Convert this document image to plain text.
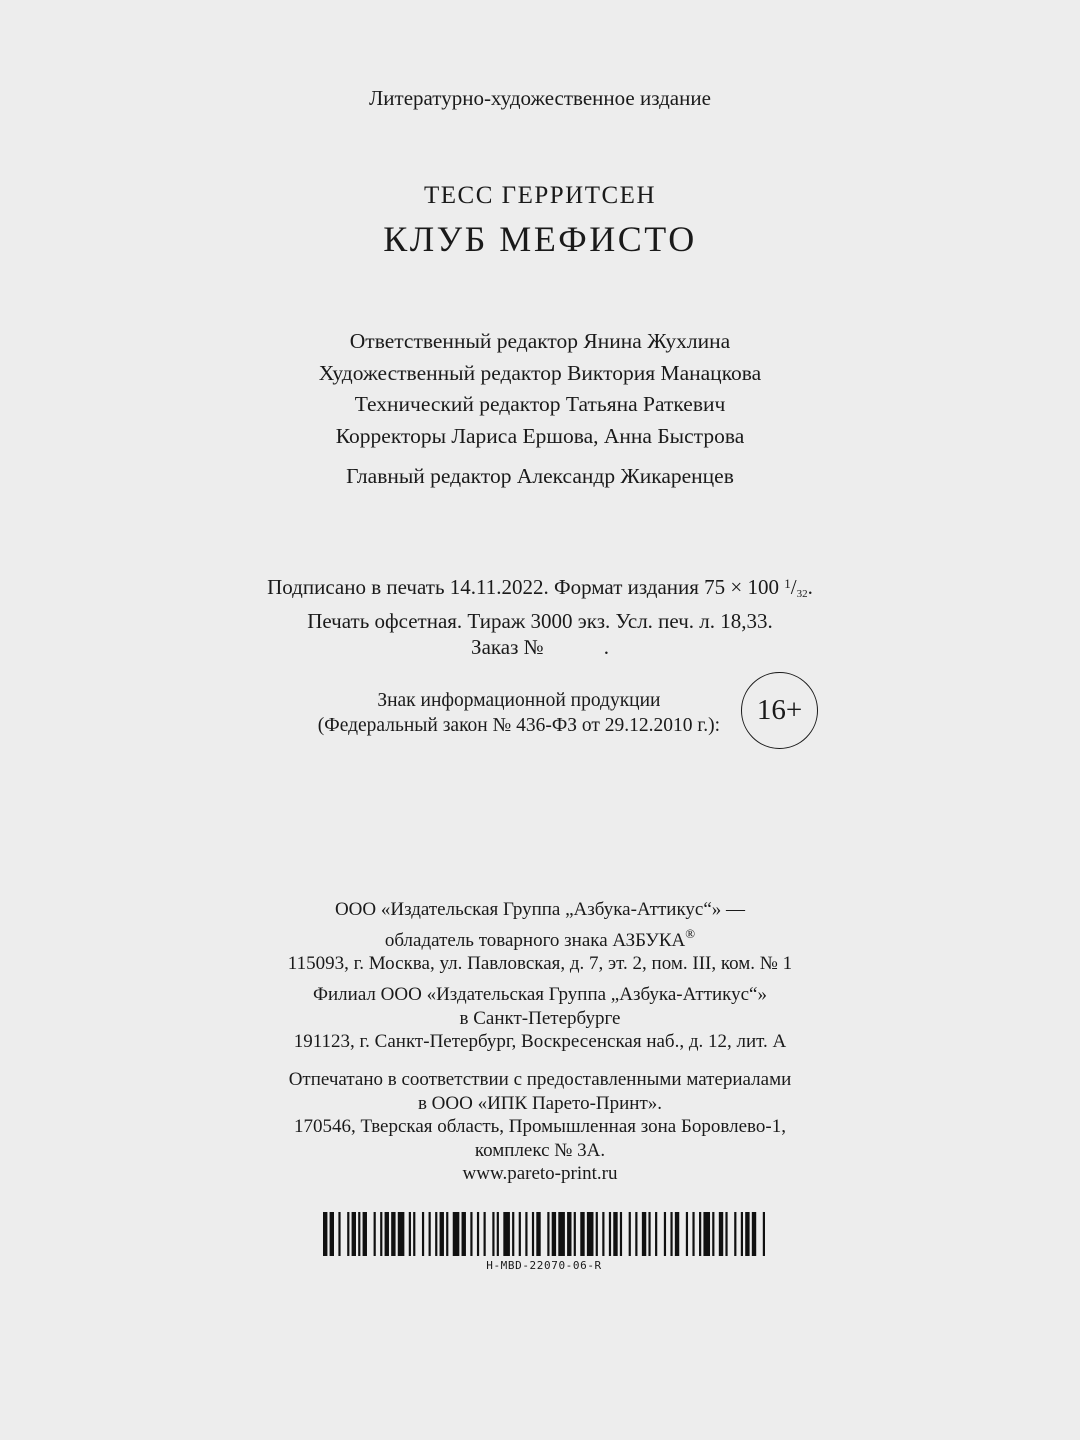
Литературно-художественное издание
ТЕСС ГЕРРИТСЕН
КЛУБ МЕФИСТО
Ответственный редактор Янина Жухлина
Художественный редактор Виктория Манацкова
Технический редактор Татьяна Раткевич
Корректоры Лариса Ершова, Анна Быстрова
Главный редактор Александр Жикаренцев
Подписано в печать 14.11.2022. Формат издания 75 × 100 $^1/_{32}$.
Печать офсетная. Тираж 3000 экз. Усл. печ. л. 18,33.
Заказ №	.
Знак информационной продукции
(Федеральный закон № 436-ФЗ от 29.12.2010 г.):	16+
ООО «Издательская Группа „Азбука-Аттикус“» —
обладатель товарного знака АЗБУКА®
115093, г. Москва, ул. Павловская, д. 7, эт. 2, пом. III, ком. № 1
Филиал ООО «Издательская Группа „Азбука-Аттикус“»
в Санкт-Петербурге
191123, г. Санкт-Петербург, Воскресенская наб., д. 12, лит. А
Отпечатано в соответствии с предоставленными материалами
в ООО «ИПК Парето-Принт».
170546, Тверская область, Промышленная зона Боровлево-1,
комплекс № 3А.
www.pareto-print.ru
H-MBD-22070-06-R
